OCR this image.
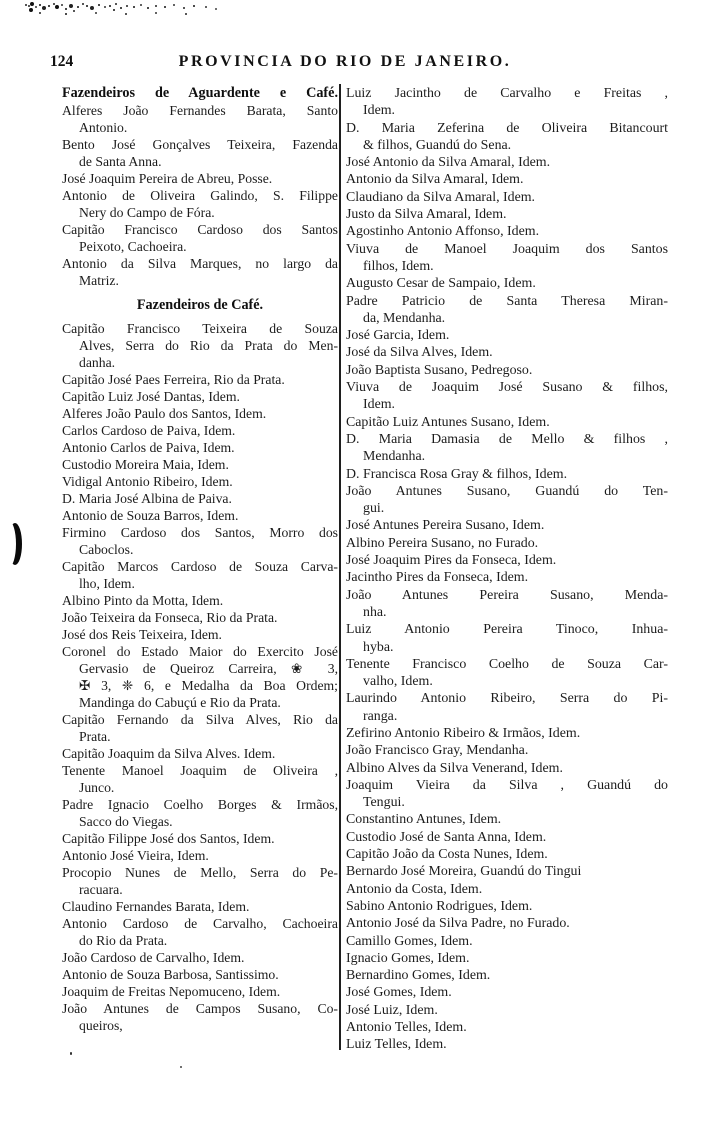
124	PROVINCIA DO RIO DE JANEIRO.
Fazendeiros de Aguardente e Café.
Alferes João Fernandes Barata, Santo
Antonio.
Bento José Gonçalves Teixeira, Fazenda
de Santa Anna.
José Joaquim Pereira de Abreu, Posse.
Antonio de Oliveira Galindo, S. Filippe
Nery do Campo de Fóra.
Capitão Francisco Cardoso dos Santos
Peixoto, Cachoeira.
Antonio da Silva Marques, no largo da
Matriz.
Fazendeiros de Café.
Capitão Francisco Teixeira de Souza
Alves, Serra do Rio da Prata do Men-
danha.
Capitão José Paes Ferreira, Rio da Prata.
Capitão Luiz José Dantas, Idem.
Alferes João Paulo dos Santos, Idem.
Carlos Cardoso de Paiva, Idem.
Antonio Carlos de Paiva, Idem.
Custodio Moreira Maia, Idem.
Vidigal Antonio Ribeiro, Idem.
D. Maria José Albina de Paiva.
Antonio de Souza Barros, Idem.
Firmino Cardoso dos Santos, Morro dos
Caboclos.
Capitão Marcos Cardoso de Souza Carva-
lho, Idem.
Albino Pinto da Motta, Idem.
João Teixeira da Fonseca, Rio da Prata.
José dos Reis Teixeira, Idem.
Coronel do Estado Maior do Exercito José
Gervasio de Queiroz Carreira, ❀ 3,
✠ 3, ❈ 6, e Medalha da Boa Ordem;
Mandinga do Cabuçú e Rio da Prata.
Capitão Fernando da Silva Alves, Rio da
Prata.
Capitão Joaquim da Silva Alves. Idem.
Tenente Manoel Joaquim de Oliveira ,
Junco.
Padre Ignacio Coelho Borges & Irmãos,
Sacco do Viegas.
Capitão Filippe José dos Santos, Idem.
Antonio José Vieira, Idem.
Procopio Nunes de Mello, Serra do Pe-
racuara.
Claudino Fernandes Barata, Idem.
Antonio Cardoso de Carvalho, Cachoeira
do Rio da Prata.
João Cardoso de Carvalho, Idem.
Antonio de Souza Barbosa, Santissimo.
Joaquim de Freitas Nepomuceno, Idem.
João Antunes de Campos Susano, Co-
queiros,
Luiz Jacintho de Carvalho e Freitas ,
Idem.
D. Maria Zeferina de Oliveira Bitancourt
& filhos, Guandú do Sena.
José Antonio da Silva Amaral, Idem.
Antonio da Silva Amaral, Idem.
Claudiano da Silva Amaral, Idem.
Justo da Silva Amaral, Idem.
Agostinho Antonio Affonso, Idem.
Viuva de Manoel Joaquim dos Santos
filhos, Idem.
Augusto Cesar de Sampaio, Idem.
Padre Patricio de Santa Theresa Miran-
da, Mendanha.
José Garcia, Idem.
José da Silva Alves, Idem.
João Baptista Susano, Pedregoso.
Viuva de Joaquim José Susano & filhos,
Idem.
Capitão Luiz Antunes Susano, Idem.
D. Maria Damasia de Mello & filhos ,
Mendanha.
D. Francisca Rosa Gray & filhos, Idem.
João Antunes Susano, Guandú do Ten-
gui.
José Antunes Pereira Susano, Idem.
Albino Pereira Susano, no Furado.
José Joaquim Pires da Fonseca, Idem.
Jacintho Pires da Fonseca, Idem.
João Antunes Pereira Susano, Menda-
nha.
Luiz Antonio Pereira Tinoco, Inhua-
hyba.
Tenente Francisco Coelho de Souza Car-
valho, Idem.
Laurindo Antonio Ribeiro, Serra do Pi-
ranga.
Zefirino Antonio Ribeiro & Irmãos, Idem.
João Francisco Gray, Mendanha.
Albino Alves da Silva Venerand, Idem.
Joaquim Vieira da Silva , Guandú do
Tengui.
Constantino Antunes, Idem.
Custodio José de Santa Anna, Idem.
Capitão João da Costa Nunes, Idem.
Bernardo José Moreira, Guandú do Tingui
Antonio da Costa, Idem.
Sabino Antonio Rodrigues, Idem.
Antonio José da Silva Padre, no Furado.
Camillo Gomes, Idem.
Ignacio Gomes, Idem.
Bernardino Gomes, Idem.
José Gomes, Idem.
José Luiz, Idem.
Antonio Telles, Idem.
Luiz Telles, Idem.
